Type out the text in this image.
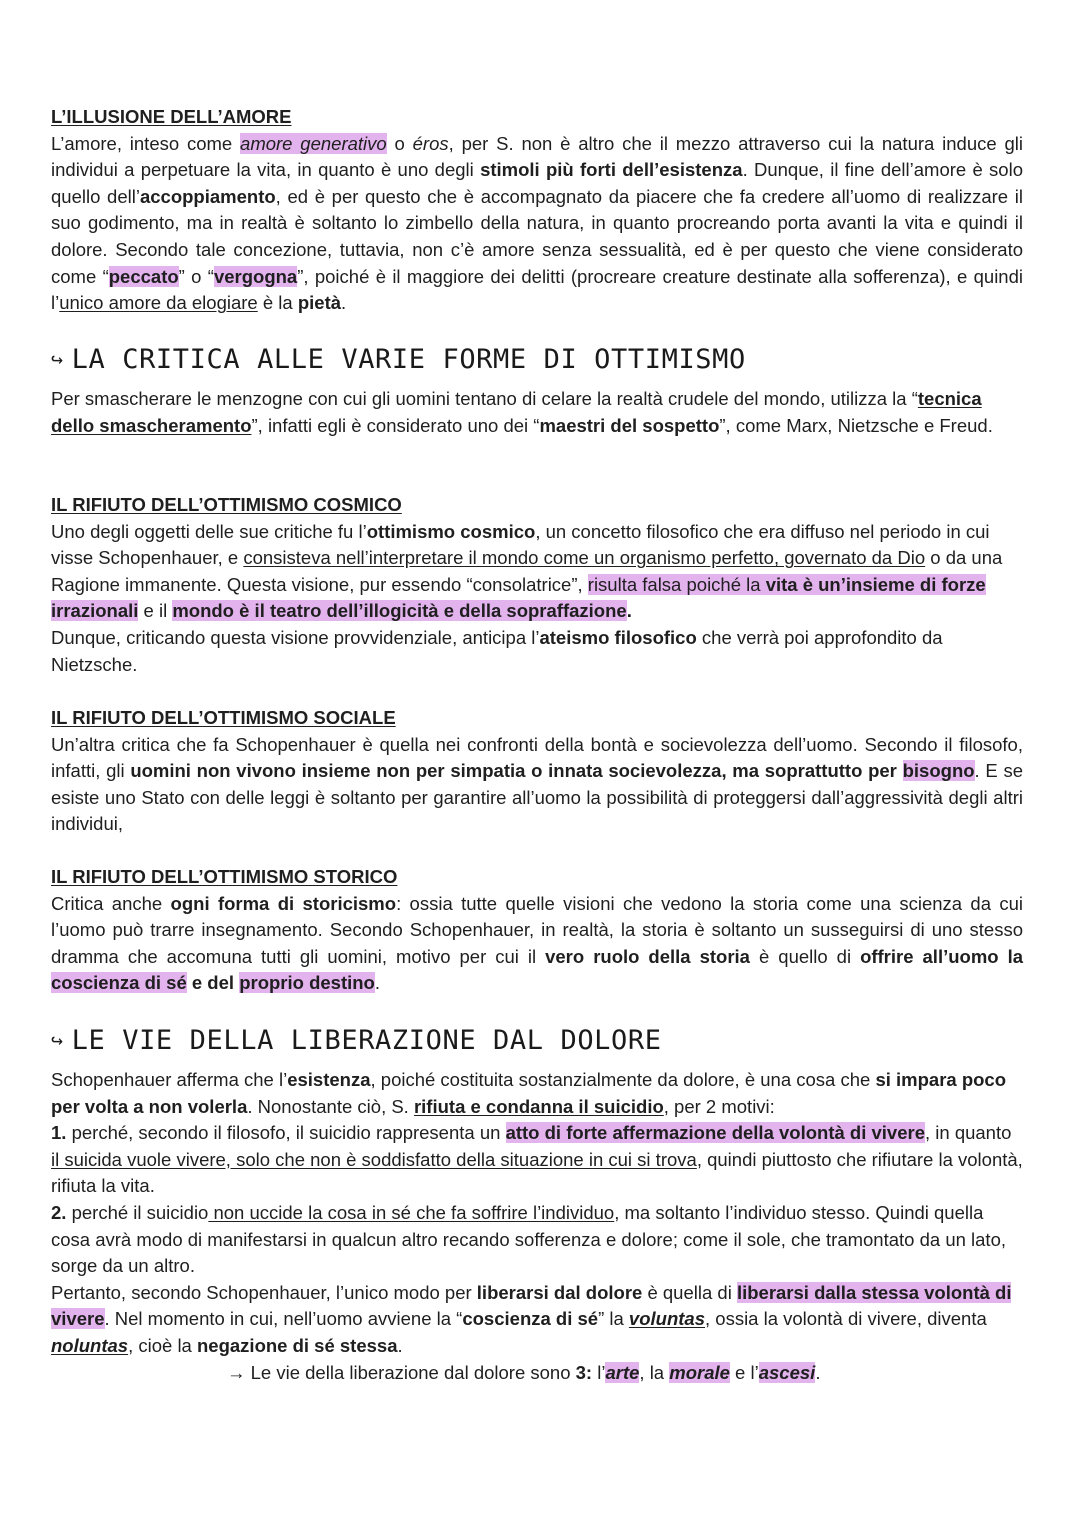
L’ILLUSIONE DELL’AMORE
L’amore, inteso come amore generativo o éros, per S. non è altro che il mezzo attraverso cui la natura induce gli individui a perpetuare la vita, in quanto è uno degli stimoli più forti dell’esistenza. Dunque, il fine dell’amore è solo quello dell’accoppiamento, ed è per questo che è accompagnato da piacere che fa credere all’uomo di realizzare il suo godimento, ma in realtà è soltanto lo zimbello della natura, in quanto procreando porta avanti la vita e quindi il dolore. Secondo tale concezione, tuttavia, non c’è amore senza sessualità, ed è per questo che viene considerato come “peccato” o “vergogna”, poiché è il maggiore dei delitti (procreare creature destinate alla sofferenza), e quindi l’unico amore da elogiare è la pietà.
↪ LA CRITICA ALLE VARIE FORME DI OTTIMISMO
Per smascherare le menzogne con cui gli uomini tentano di celare la realtà crudele del mondo, utilizza la “tecnica dello smascheramento”, infatti egli è considerato uno dei “maestri del sospetto”, come Marx, Nietzsche e Freud.
IL RIFIUTO DELL’OTTIMISMO COSMICO
Uno degli oggetti delle sue critiche fu l’ottimismo cosmico, un concetto filosofico che era diffuso nel periodo in cui visse Schopenhauer, e consisteva nell’interpretare il mondo come un organismo perfetto, governato da Dio o da una Ragione immanente. Questa visione, pur essendo “consolatrice”, risulta falsa poiché la vita è un’insieme di forze irrazionali e il mondo è il teatro dell’illogicità e della sopraffazione.
Dunque, criticando questa visione provvidenziale, anticipa l’ateismo filosofico che verrà poi approfondito da Nietzsche.
IL RIFIUTO DELL’OTTIMISMO SOCIALE
Un’altra critica che fa Schopenhauer è quella nei confronti della bontà e socievolezza dell’uomo. Secondo il filosofo, infatti, gli uomini non vivono insieme non per simpatia o innata socievolezza, ma soprattutto per bisogno. E se esiste uno Stato con delle leggi è soltanto per garantire all’uomo la possibilità di proteggersi dall’aggressività degli altri individui,
IL RIFIUTO DELL’OTTIMISMO STORICO
Critica anche ogni forma di storicismo: ossia tutte quelle visioni che vedono la storia come una scienza da cui l’uomo può trarre insegnamento. Secondo Schopenhauer, in realtà, la storia è soltanto un susseguirsi di uno stesso dramma che accomuna tutti gli uomini, motivo per cui il vero ruolo della storia è quello di offrire all’uomo la coscienza di sé e del proprio destino.
↪ LE VIE DELLA LIBERAZIONE DAL DOLORE
Schopenhauer afferma che l’esistenza, poiché costituita sostanzialmente da dolore, è una cosa che si impara poco per volta a non volerla. Nonostante ciò, S. rifiuta e condanna il suicidio, per 2 motivi:
1. perché, secondo il filosofo, il suicidio rappresenta un atto di forte affermazione della volontà di vivere, in quanto il suicida vuole vivere, solo che non è soddisfatto della situazione in cui si trova, quindi piuttosto che rifiutare la volontà, rifiuta la vita.
2. perché il suicidio non uccide la cosa in sé che fa soffrire l’individuo, ma soltanto l’individuo stesso. Quindi quella cosa avrà modo di manifestarsi in qualcun altro recando sofferenza e dolore; come il sole, che tramontato da un lato, sorge da un altro.
Pertanto, secondo Schopenhauer, l’unico modo per liberarsi dal dolore è quella di liberarsi dalla stessa volontà di vivere. Nel momento in cui, nell’uomo avviene la “coscienza di sé” la voluntas, ossia la volontà di vivere, diventa noluntas, cioè la negazione di sé stessa.
→ Le vie della liberazione dal dolore sono 3: l’arte, la morale e l’ascesi.
